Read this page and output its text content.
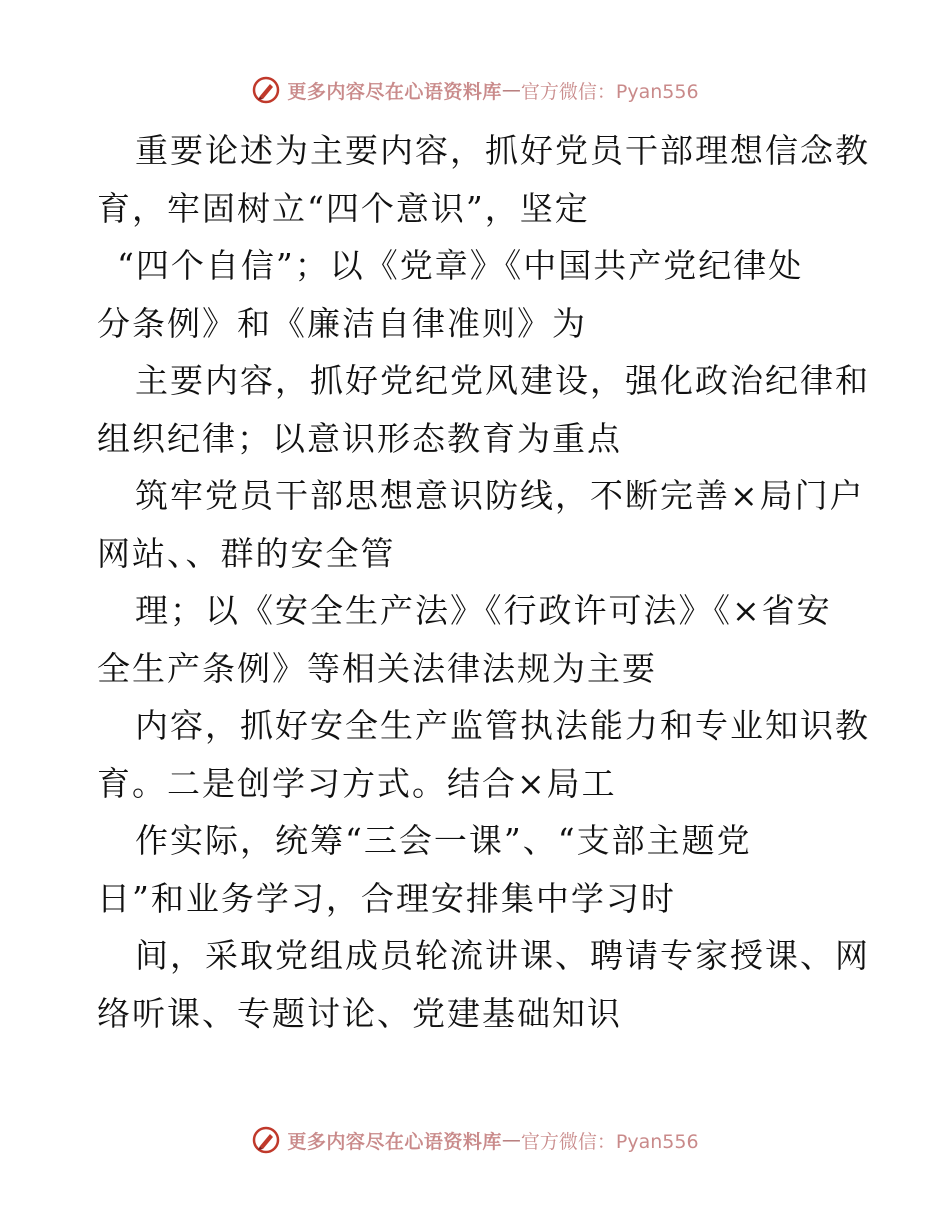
更多内容尽在心语资料库 — 官方微信：Pyan556
重要论述为主要内容，抓好党员干部理想信念教
育，牢固树立“四个意识”，坚定
“四个自信”；以《党章》《中国共产党纪律处
分条例》和《廉洁自律准则》为
主要内容，抓好党纪党风建设，强化政治纪律和
组织纪律；以意识形态教育为重点
筑牢党员干部思想意识防线，不断完善×局门户
网站、、群的安全管
理；以《安全生产法》《行政许可法》《×省安
全生产条例》等相关法律法规为主要
内容，抓好安全生产监管执法能力和专业知识教
育。二是创学习方式。结合×局工
作实际，统筹“三会一课”、“支部主题党
日”和业务学习，合理安排集中学习时
间，采取党组成员轮流讲课、聘请专家授课、网
络听课、专题讨论、党建基础知识
更多内容尽在心语资料库 — 官方微信：Pyan556
